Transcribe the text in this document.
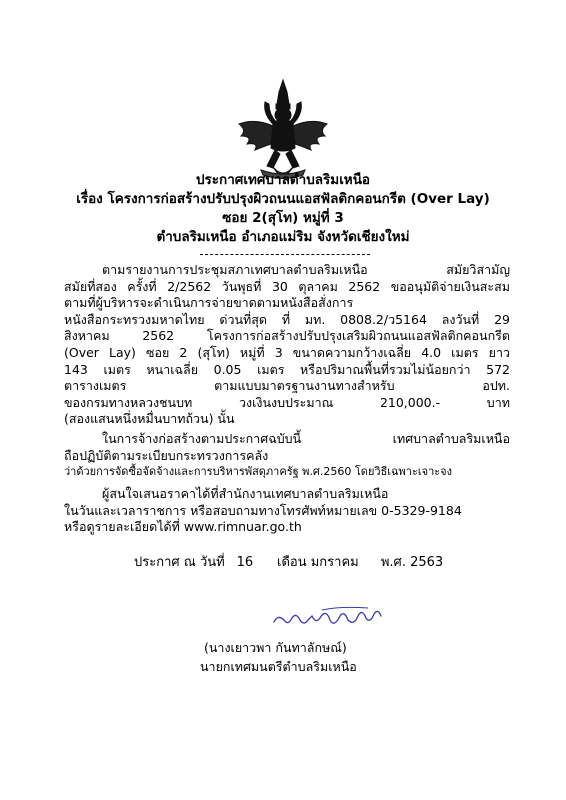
ประกาศเทศบาลตำบลริมเหนือ
เรื่อง โครงการก่อสร้างปรับปรุงผิวถนนแอสฟัลติกคอนกรีต (Over Lay)
ซอย 2(สุโท) หมู่ที่ 3
ตำบลริมเหนือ อำเภอแม่ริม จังหวัดเชียงใหม่
ตามรายงานการประชุมสภาเทศบาลตำบลริมเหนือ สมัยวิสามัญ
สมัยที่สอง ครั้งที่ 2/2562 วันพุธที่ 30 ตุลาคม 2562 ขออนุมัติจ่ายเงินสะสม
ตามที่ผู้บริหารจะดำเนินการจ่ายขาดตามหนังสือสั่งการ
หนังสือกระทรวงมหาดไทย ด่วนที่สุด ที่ มท. 0808.2/ว5164 ลงวันที่ 29
สิงหาคม 2562 โครงการก่อสร้างปรับปรุงเสริมผิวถนนแอสฟัลติกคอนกรีต
(Over Lay) ซอย 2 (สุโท) หมู่ที่ 3 ขนาดความกว้างเฉลี่ย 4.0 เมตร ยาว
143 เมตร หนาเฉลี่ย 0.05 เมตร หรือปริมาณพื้นที่รวมไม่น้อยกว่า 572
ตารางเมตร ตามแบบมาตรฐานงานทางสำหรับ อปท.
ของกรมทางหลวงชนบท วงเงินงบประมาณ 210,000.- บาท
(สองแสนหนึ่งหมื่นบาทถ้วน) นั้น
ในการจ้างก่อสร้างตามประกาศฉบับนี้ เทศบาลตำบลริมเหนือ
ถือปฏิบัติตามระเบียบกระทรวงการคลัง
ว่าด้วยการจัดซื้อจัดจ้างและการบริหารพัสดุภาครัฐ พ.ศ.2560 โดยวิธีเฉพาะเจาะจง
ผู้สนใจเสนอราคาได้ที่สำนักงานเทศบาลตำบลริมเหนือ
ในวันและเวลาราชการ หรือสอบถามทางโทรศัพท์หมายเลข 0-5329-9184
หรือดูรายละเอียดได้ที่ www.rimnuar.go.th
ประกาศ ณ วันที่ 16 เดือน มกราคม พ.ศ. 2563
(นางเยาวพา กันทาลักษณ์)
นายกเทศมนตรีตำบลริมเหนือ
